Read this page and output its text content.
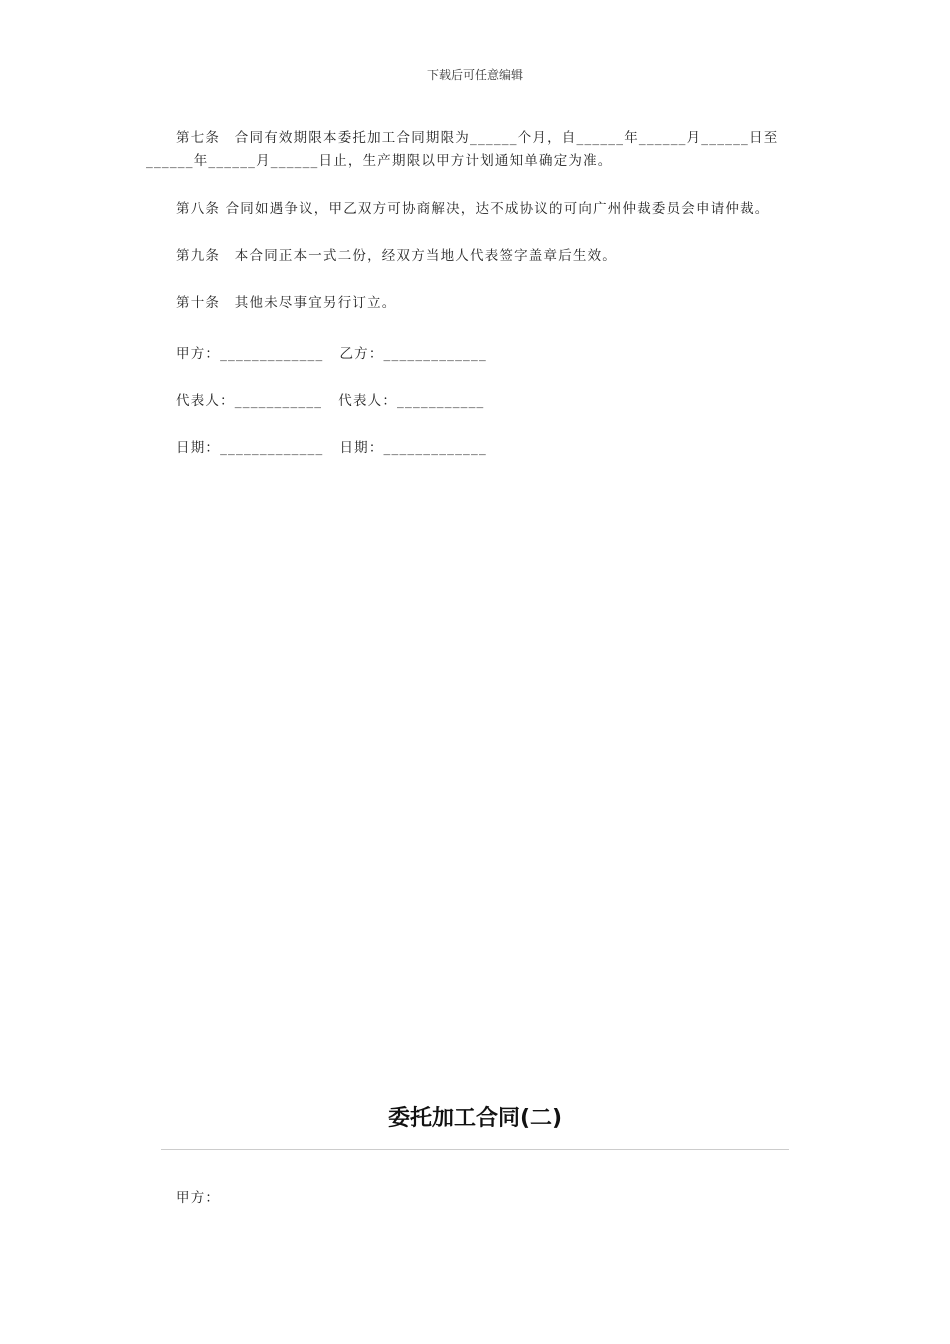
下载后可任意编辑
第七条　合同有效期限本委托加工合同期限为______个月，自______年______月______日至______年______月______日止，生产期限以甲方计划通知单确定为准。
第八条 合同如遇争议，甲乙双方可协商解决，达不成协议的可向广州仲裁委员会申请仲裁。
第九条　本合同正本一式二份，经双方当地人代表签字盖章后生效。
第十条　其他未尽事宜另行订立。
甲方：_____________ 乙方：_____________
代表人：___________ 代表人：___________
日期：_____________ 日期：_____________
委托加工合同(二)
甲方：
